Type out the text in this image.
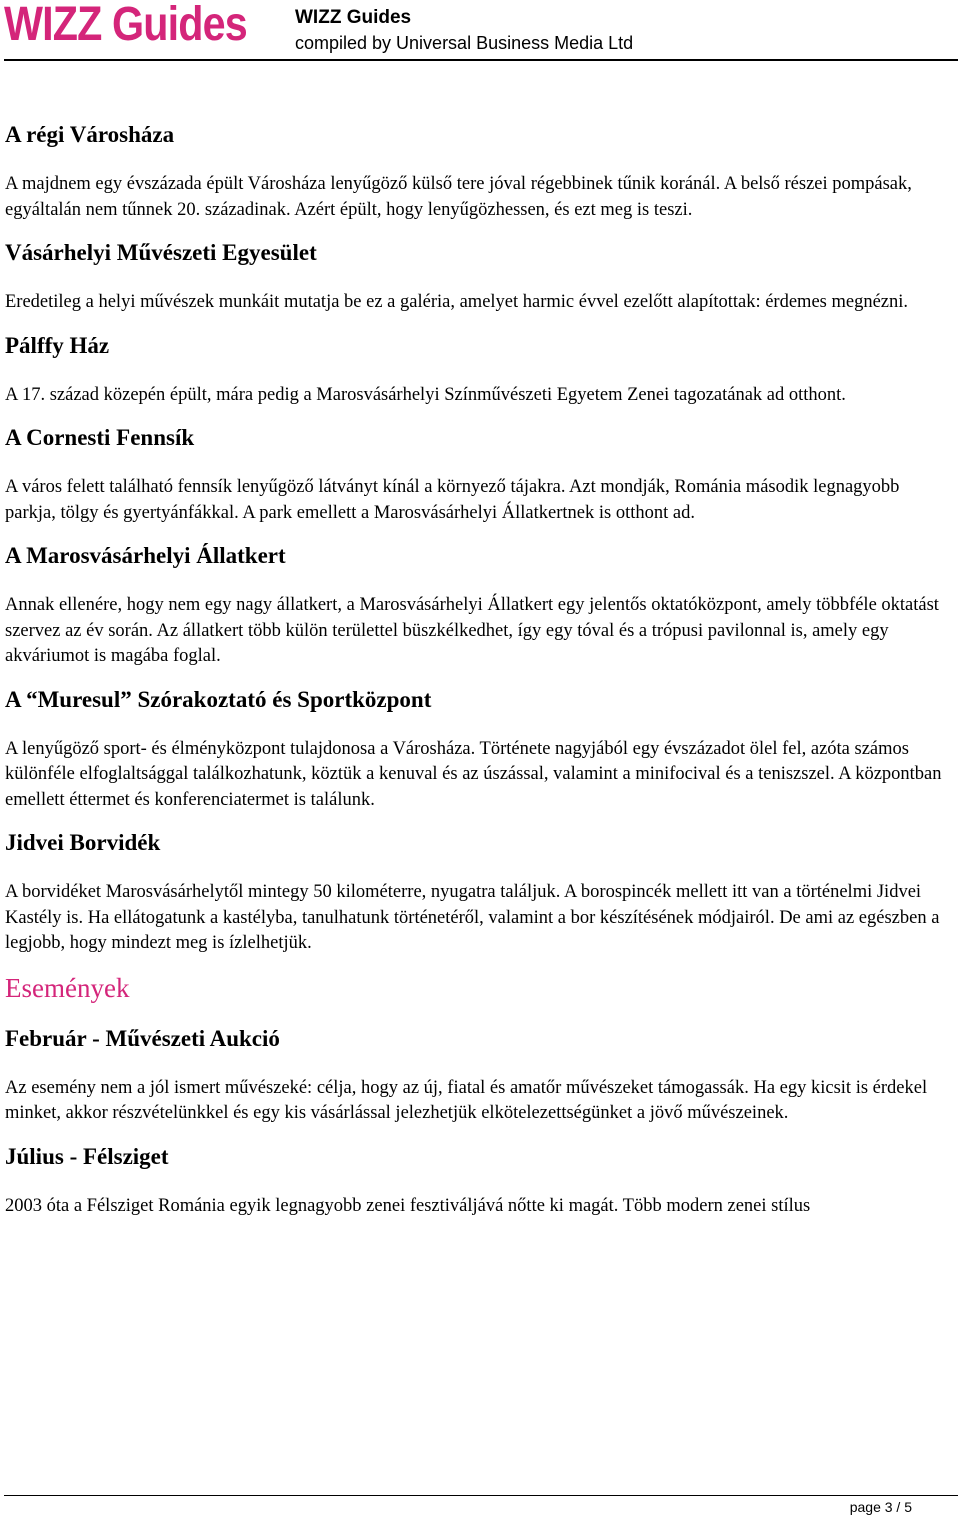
WIZZ Guides	WIZZ Guides
compiled by Universal Business Media Ltd
A régi Városháza

A majdnem egy évszázada épült Városháza lenyűgöző külső tere jóval régebbinek tűnik koránál. A belső részei pompásak, egyáltalán nem tűnnek 20. századinak. Azért épült, hogy lenyűgözhessen, és ezt meg is teszi.

Vásárhelyi Művészeti Egyesület

Eredetileg a helyi művészek munkáit mutatja be ez a galéria, amelyet harmic évvel ezelőtt alapítottak: érdemes megnézni.

Pálffy Ház

A 17. század közepén épült, mára pedig a Marosvásárhelyi Színművészeti Egyetem Zenei tagozatának ad otthont.

A Cornesti Fennsík

A város felett található fennsík lenyűgöző látványt kínál a környező tájakra. Azt mondják, Románia második legnagyobb parkja, tölgy és gyertyánfákkal. A park emellett a Marosvásárhelyi Állatkertnek is otthont ad.

A Marosvásárhelyi Állatkert

Annak ellenére, hogy nem egy nagy állatkert, a Marosvásárhelyi Állatkert egy jelentős oktatóközpont, amely többféle oktatást szervez az év során. Az állatkert több külön területtel büszkélkedhet, így egy tóval és a trópusi pavilonnal is, amely egy akváriumot is magába foglal.

A “Muresul” Szórakoztató és Sportközpont

A lenyűgöző sport- és élményközpont tulajdonosa a Városháza. Története nagyjából egy évszázadot ölel fel, azóta számos különféle elfoglaltsággal találkozhatunk, köztük a kenuval és az úszással, valamint a minifocival és a teniszszel. A központban emellett éttermet és konferenciatermet is találunk.

Jidvei Borvidék

A borvidéket Marosvásárhelytől mintegy 50 kilométerre, nyugatra találjuk. A borospincék mellett itt van a történelmi Jidvei Kastély is. Ha ellátogatunk a kastélyba, tanulhatunk történetéről, valamint a bor készítésének módjairól. De ami az egészben a legjobb, hogy mindezt meg is ízlelhetjük.

Események
Február - Művészeti Aukció

Az esemény nem a jól ismert művészeké: célja, hogy az új, fiatal és amatőr művészeket támogassák. Ha egy kicsit is érdekel minket, akkor részvételünkkel és egy kis vásárlással jelezhetjük elkötelezettségünket a jövő művészeinek.

Július - Félsziget

2003 óta a Félsziget Románia egyik legnagyobb zenei fesztiváljává nőtte ki magát. Több modern zenei stílus

page 3 / 5
